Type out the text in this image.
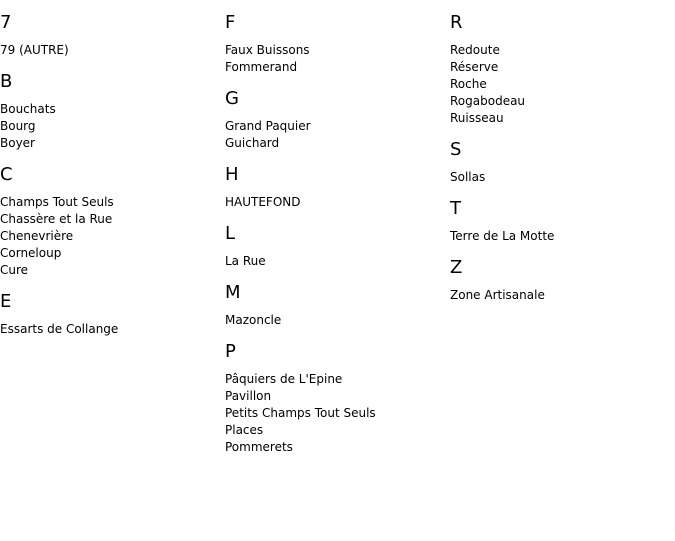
7
79 (AUTRE)
B
Bouchats
Bourg
Boyer
C
Champs Tout Seuls
Chassère et la Rue
Chenevrière
Corneloup
Cure
E
Essarts de Collange
F
Faux Buissons
Fommerand
G
Grand Paquier
Guichard
H
HAUTEFOND
L
La Rue
M
Mazoncle
P
Pâquiers de L'Epine
Pavillon
Petits Champs Tout Seuls
Places
Pommerets
R
Redoute
Réserve
Roche
Rogabodeau
Ruisseau
S
Sollas
T
Terre de La Motte
Z
Zone Artisanale
